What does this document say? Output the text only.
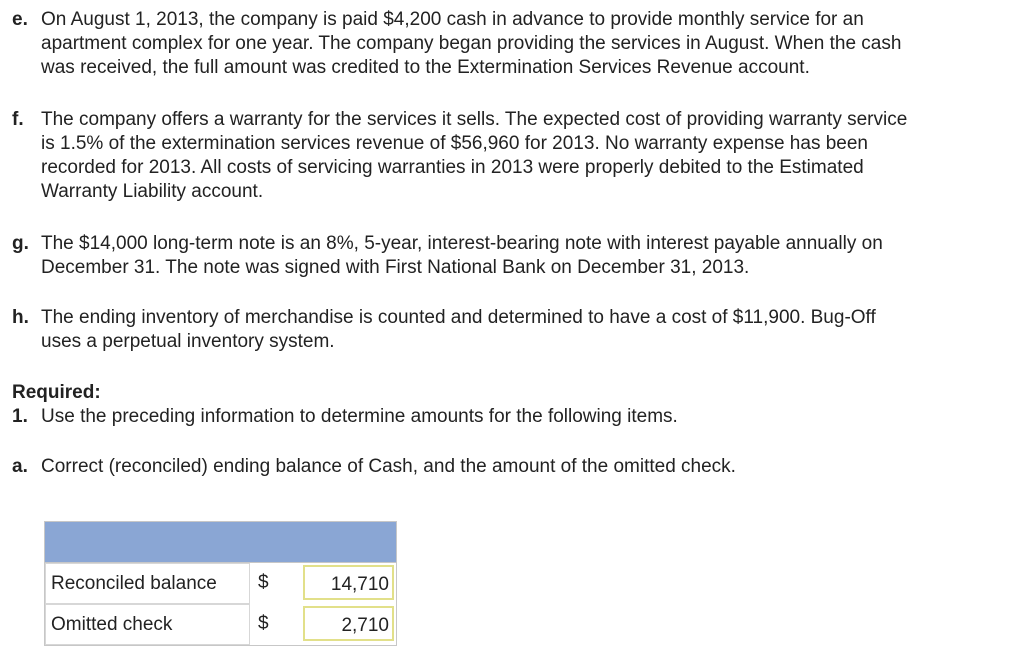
e. On August 1, 2013, the company is paid $4,200 cash in advance to provide monthly service for an
apartment complex for one year. The company began providing the services in August. When the cash
was received, the full amount was credited to the Extermination Services Revenue account.
f. The company offers a warranty for the services it sells. The expected cost of providing warranty service
is 1.5% of the extermination services revenue of $56,960 for 2013. No warranty expense has been
recorded for 2013. All costs of servicing warranties in 2013 were properly debited to the Estimated
Warranty Liability account.
g. The $14,000 long-term note is an 8%, 5-year, interest-bearing note with interest payable annually on
December 31. The note was signed with First National Bank on December 31, 2013.
h. The ending inventory of merchandise is counted and determined to have a cost of $11,900. Bug-Off
uses a perpetual inventory system.
Required:
1. Use the preceding information to determine amounts for the following items.
a. Correct (reconciled) ending balance of Cash, and the amount of the omitted check.
Reconciled balance	$	14,710
Omitted check	$	2,710
